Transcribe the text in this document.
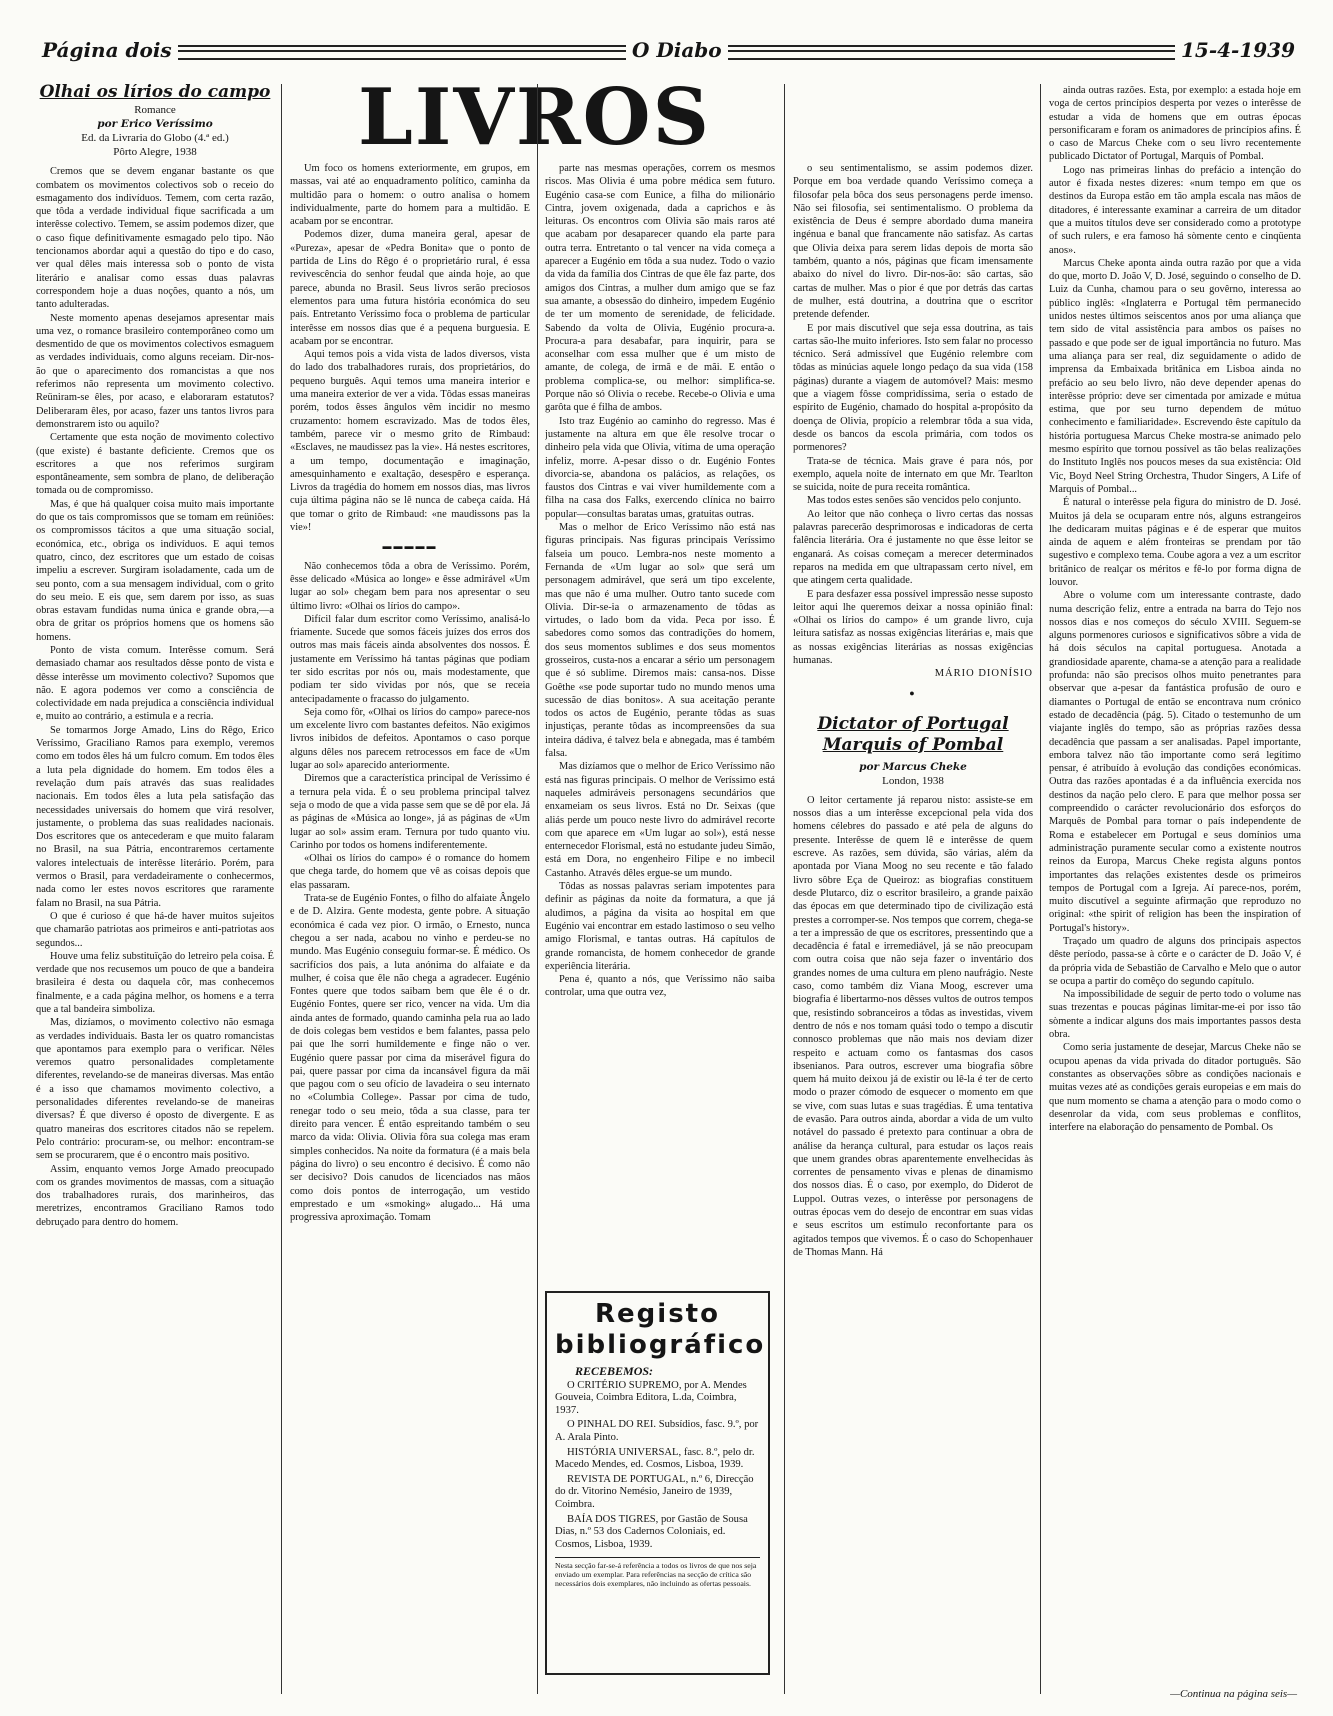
Página dois	O Diabo	15-4-1939
LIVROS
Olhai os lírios do campo

Romance

por Erico Veríssimo

Ed. da Livraria do Globo (4.ª ed.)

Pôrto Alegre, 1938

Cremos que se devem enganar bastante os que combatem os movimentos colectivos sob o receio do esmagamento dos indivíduos. Temem, com certa razão, que tôda a verdade individual fique sacrificada a um interêsse colectivo. Temem, se assim podemos dizer, que o caso fique definitivamente esmagado pelo tipo. Não tencionamos abordar aqui a questão do tipo e do caso, ver qual dêles mais interessa sob o ponto de vista literário e analisar como essas duas palavras correspondem hoje a duas noções, quanto a nós, um tanto adulteradas.

Neste momento apenas desejamos apresentar mais uma vez, o romance brasileiro contemporâneo como um desmentido de que os movimentos colectivos esmaguem as verdades individuais, como alguns receiam. Dir-nos-ão que o aparecimento dos romancistas a que nos referimos não representa um movimento colectivo. Reüniram-se êles, por acaso, e elaboraram estatutos? Deliberaram êles, por acaso, fazer uns tantos livros para demonstrarem isto ou aquilo?

Certamente que esta noção de movimento colectivo (que existe) é bastante deficiente. Cremos que os escritores a que nos referimos surgiram espontâneamente, sem sombra de plano, de deliberação tomada ou de compromisso.

Mas, é que há qualquer coisa muito mais importante do que os tais compromissos que se tomam em reüniões: os compromissos tácitos a que uma situação social, económica, etc., obriga os indivíduos. E aqui temos quatro, cinco, dez escritores que um estado de coisas impeliu a escrever. Surgiram isoladamente, cada um de seu ponto, com a sua mensagem individual, com o grito do seu meio. E eis que, sem darem por isso, as suas obras estavam fundidas numa única e grande obra,—a obra de gritar os próprios homens que os homens são homens.

Ponto de vista comum. Interêsse comum. Será demasiado chamar aos resultados dêsse ponto de vista e dêsse interêsse um movimento colectivo? Supomos que não. E agora podemos ver como a consciência de colectividade em nada prejudica a consciência individual e, muito ao contrário, a estimula e a recria.

Se tomarmos Jorge Amado, Lins do Rêgo, Erico Veríssimo, Graciliano Ramos para exemplo, veremos como em todos êles há um fulcro comum. Em todos êles a luta pela dignidade do homem. Em todos êles a revelação dum país através das suas realidades nacionais. Em todos êles a luta pela satisfação das necessidades universais do homem que virá resolver, justamente, o problema das suas realidades nacionais. Dos escritores que os antecederam e que muito falaram no Brasil, na sua Pátria, encontraremos certamente valores intelectuais de interêsse literário. Porém, para vermos o Brasil, para verdadeiramente o conhecermos, nada como ler estes novos escritores que raramente falam no Brasil, na sua Pátria.

O que é curioso é que há-de haver muitos sujeitos que chamarão patriotas aos primeiros e anti-patriotas aos segundos...

Houve uma feliz substituïção do letreiro pela coisa. É verdade que nos recusemos um pouco de que a bandeira brasileira é desta ou daquela côr, mas conhecemos finalmente, e a cada página melhor, os homens e a terra que a tal bandeira simboliza.

Mas, dizíamos, o movimento colectivo não esmaga as verdades individuais. Basta ler os quatro romancistas que apontamos para exemplo para o verificar. Nêles veremos quatro personalidades completamente diferentes, revelando-se de maneiras diversas. Mas então é a isso que chamamos movimento colectivo, a personalidades diferentes revelando-se de maneiras diversas? É que diverso é oposto de divergente. E as quatro maneiras dos escritores citados não se repelem. Pelo contrário: procuram-se, ou melhor: encontram-se sem se procurarem, que é o encontro mais positivo.

Assim, enquanto vemos Jorge Amado preocupado com os grandes movimentos de massas, com a situação dos trabalhadores rurais, dos marinheiros, das meretrizes, encontramos Graciliano Ramos todo debruçado para dentro do homem.

Um foco os homens exteriormente, em grupos, em massas, vai até ao enquadramento político, caminha da multidão para o homem: o outro analisa o homem individualmente, parte do homem para a multidão. E acabam por se encontrar.

Podemos dizer, duma maneira geral, apesar de «Pureza», apesar de «Pedra Bonita» que o ponto de partida de Lins do Rêgo é o proprietário rural, é essa revivescência do senhor feudal que ainda hoje, ao que parece, abunda no Brasil. Seus livros serão preciosos elementos para uma futura história económica do seu país. Entretanto Veríssimo foca o problema de particular interêsse em nossos dias que é a pequena burguesia. E acabam por se encontrar.

Aqui temos pois a vida vista de lados diversos, vista do lado dos trabalhadores rurais, dos proprietários, do pequeno burguês. Aqui temos uma maneira interior e uma maneira exterior de ver a vida. Tôdas essas maneiras porém, todos êsses ângulos vêm incidir no mesmo cruzamento: homem escravizado. Mas de todos êles, também, parece vir o mesmo grito de Rimbaud: «Esclaves, ne maudissez pas la vie». Há nestes escritores, a um tempo, documentação e imaginação, amesquinhamento e exaltação, desespêro e esperança. Livros da tragédia do homem em nossos dias, mas livros cuja última página não se lê nunca de cabeça caída. Há que tomar o grito de Rimbaud: «ne maudissons pas la vie»!

▬▬▬▬▬

Não conhecemos tôda a obra de Veríssimo. Porém, êsse delicado «Música ao longe» e êsse admirável «Um lugar ao sol» chegam bem para nos apresentar o seu último livro: «Olhai os lírios do campo».

Difícil falar dum escritor como Veríssimo, analisá-lo friamente. Sucede que somos fáceis juízes dos erros dos outros mas mais fáceis ainda absolventes dos nossos. É justamente em Veríssimo há tantas páginas que podiam ter sido escritas por nós ou, mais modestamente, que podiam ter sido vividas por nós, que se receia antecipadamente o fracasso do julgamento.

Seja como fôr, «Olhai os lírios do campo» parece-nos um excelente livro com bastantes defeitos. Não exigimos livros inibidos de defeitos. Apontamos o caso porque alguns dêles nos parecem retrocessos em face de «Um lugar ao sol» aparecido anteriormente.

Diremos que a característica principal de Veríssimo é a ternura pela vida. É o seu problema principal talvez seja o modo de que a vida passe sem que se dê por ela. Já as páginas de «Música ao longe», já as páginas de «Um lugar ao sol» assim eram. Ternura por tudo quanto viu. Carinho por todos os homens indiferentemente.

«Olhai os lírios do campo» é o romance do homem que chega tarde, do homem que vê as coisas depois que elas passaram.

Trata-se de Eugénio Fontes, o filho do alfaiate Ângelo e de D. Alzira. Gente modesta, gente pobre. A situação económica é cada vez pior. O irmão, o Ernesto, nunca chegou a ser nada, acabou no vinho e perdeu-se no mundo. Mas Eugénio conseguiu formar-se. É médico. Os sacrifícios dos pais, a luta anónima do alfaiate e da mulher, é coisa que êle não chega a agradecer. Eugénio Fontes quere que todos saibam bem que êle é o dr. Eugénio Fontes, quere ser rico, vencer na vida. Um dia ainda antes de formado, quando caminha pela rua ao lado de dois colegas bem vestidos e bem falantes, passa pelo pai que lhe sorri humildemente e finge não o ver. Eugénio quere passar por cima da miserável figura do pai, quere passar por cima da incansável figura da mãi que pagou com o seu ofício de lavadeira o seu internato no «Columbia College». Passar por cima de tudo, renegar todo o seu meio, tôda a sua classe, para ter direito para vencer. É então espreitando também o seu marco da vida: Olivia. Olivia fôra sua colega mas eram simples conhecidos. Na noite da formatura (é a mais bela página do livro) o seu encontro é decisivo. É como não ser decisivo? Dois canudos de licenciados nas mãos como dois pontos de interrogação, um vestido emprestado e um «smoking» alugado... Há uma progressiva aproximação. Tomam

parte nas mesmas operações, correm os mesmos riscos. Mas Olivia é uma pobre médica sem futuro. Eugénio casa-se com Eunice, a filha do milionário Cintra, jovem oxigenada, dada a caprichos e às leituras. Os encontros com Olivia são mais raros até que acabam por desaparecer quando ela parte para outra terra. Entretanto o tal vencer na vida começa a aparecer a Eugénio em tôda a sua nudez. Todo o vazio da vida da família dos Cintras de que êle faz parte, dos amigos dos Cintras, a mulher dum amigo que se faz sua amante, a obsessão do dinheiro, impedem Eugénio de ter um momento de serenidade, de felicidade. Sabendo da volta de Olivia, Eugénio procura-a. Procura-a para desabafar, para inquirir, para se aconselhar com essa mulher que é um misto de amante, de colega, de irmã e de mãi. E então o problema complica-se, ou melhor: simplifica-se. Porque não só Olivia o recebe. Recebe-o Olivia e uma garôta que é filha de ambos.

Isto traz Eugénio ao caminho do regresso. Mas é justamente na altura em que êle resolve trocar o dinheiro pela vida que Olivia, vítima de uma operação infeliz, morre. A-pesar disso o dr. Eugénio Fontes divorcia-se, abandona os palácios, as relações, os faustos dos Cintras e vai viver humildemente com a filha na casa dos Falks, exercendo clínica no bairro popular—consultas baratas umas, gratuitas outras.

Mas o melhor de Erico Veríssimo não está nas figuras principais. Nas figuras principais Veríssimo falseia um pouco. Lembra-nos neste momento a Fernanda de «Um lugar ao sol» que será um personagem admirável, que será um tipo excelente, mas que não é uma mulher. Outro tanto sucede com Olivia. Dir-se-ia o armazenamento de tôdas as virtudes, o lado bom da vida. Peca por isso. É sabedores como somos das contradições do homem, dos seus momentos sublimes e dos seus momentos grosseiros, custa-nos a encarar a sério um personagem que é só sublime. Diremos mais: cansa-nos. Disse Goêthe «se pode suportar tudo no mundo menos uma sucessão de dias bonitos». A sua aceitação perante todos os actos de Eugénio, perante tôdas as suas injustiças, perante tôdas as incompreensões da sua inteira dádiva, é talvez bela e abnegada, mas é também falsa.

Mas dizíamos que o melhor de Erico Veríssimo não está nas figuras principais. O melhor de Veríssimo está naqueles admiráveis personagens secundários que enxameiam os seus livros. Está no Dr. Seixas (que aliás perde um pouco neste livro do admirável recorte com que aparece em «Um lugar ao sol»), está nesse enternecedor Florismal, está no estudante judeu Simão, está em Dora, no engenheiro Filipe e no imbecil Castanho. Através dêles ergue-se um mundo.

Tôdas as nossas palavras seriam impotentes para definir as páginas da noite da formatura, a que já aludimos, a página da visita ao hospital em que Eugénio vai encontrar em estado lastimoso o seu velho amigo Florismal, e tantas outras. Há capítulos de grande romancista, de homem conhecedor de grande experiência literária.

Pena é, quanto a nós, que Veríssimo não saiba controlar, uma que outra vez,

o seu sentimentalismo, se assim podemos dizer. Porque em boa verdade quando Veríssimo começa a filosofar pela bôca dos seus personagens perde imenso. Não sei filosofia, sei sentimentalismo. O problema da existência de Deus é sempre abordado duma maneira ingénua e banal que francamente não satisfaz. As cartas que Olivia deixa para serem lidas depois de morta são também, quanto a nós, páginas que ficam imensamente abaixo do nível do livro. Dir-nos-ão: são cartas, são cartas de mulher. Mas o pior é que por detrás das cartas de mulher, está doutrina, a doutrina que o escritor pretende defender.

E por mais discutível que seja essa doutrina, as tais cartas são-lhe muito inferiores. Isto sem falar no processo técnico. Será admissível que Eugénio relembre com tôdas as minúcias aquele longo pedaço da sua vida (158 páginas) durante a viagem de automóvel? Mais: mesmo que a viagem fôsse comprìdíssima, seria o estado de espírito de Eugénio, chamado do hospital a-propósito da doença de Olivia, propício a relembrar tôda a sua vida, desde os bancos da escola primária, com todos os pormenores?

Trata-se de técnica. Mais grave é para nós, por exemplo, aquela noite de internato em que Mr. Tearlton se suicida, noite de pura receita romântica.

Mas todos estes senões são vencidos pelo conjunto.

Ao leitor que não conheça o livro certas das nossas palavras parecerão desprimorosas e indicadoras de certa falência literária. Ora é justamente no que êsse leitor se enganará. As coisas começam a merecer determinados reparos na medida em que ultrapassam certo nível, em que atingem certa qualidade.

E para desfazer essa possível impressão nesse suposto leitor aqui lhe queremos deixar a nossa opinião final: «Olhai os lírios do campo» é um grande livro, cuja leitura satisfaz as nossas exigências literárias e, mais que as nossas exigências literárias as nossas exigências humanas.

MÁRIO DIONÍSIO
●
Dictator of Portugal
Marquis of Pombal

por Marcus Cheke

London, 1938

O leitor certamente já reparou nisto: assiste-se em nossos dias a um interêsse excepcional pela vida dos homens célebres do passado e até pela de alguns do presente. Interêsse de quem lê e interêsse de quem escreve. As razões, sem dúvida, são várias, além da apontada por Viana Moog no seu recente e tão falado livro sôbre Eça de Queiroz: as biografias constituem desde Plutarco, diz o escritor brasileiro, a grande paixão das épocas em que determinado tipo de civilização está prestes a corromper-se. Nos tempos que correm, chega-se a ter a impressão de que os escritores, pressentindo que a decadência é fatal e irremediável, já se não preocupam com outra coisa que não seja fazer o inventário dos grandes nomes de uma cultura em pleno naufrágio. Neste caso, como também diz Viana Moog, escrever uma biografia é libertarmo-nos dêsses vultos de outros tempos que, resistindo sobranceiros a tôdas as investidas, vivem dentro de nós e nos tomam quási todo o tempo a discutir connosco problemas que não mais nos deviam dizer respeito e actuam como os fantasmas dos casos ibsenianos. Para outros, escrever uma biografia sôbre quem há muito deixou já de existir ou lê-la é ter de certo modo o prazer cómodo de esquecer o momento em que se vive, com suas lutas e suas tragédias. É uma tentativa de evasão. Para outros ainda, abordar a vida de um vulto notável do passado é pretexto para continuar a obra de análise da herança cultural, para estudar os laços reais que unem grandes obras aparentemente envelhecidas às correntes de pensamento vivas e plenas de dinamismo dos nossos dias. É o caso, por exemplo, do Diderot de Luppol. Outras vezes, o interêsse por personagens de outras épocas vem do desejo de encontrar em suas vidas e seus escritos um estímulo reconfortante para os agitados tempos que vivemos. É o caso do Schopenhauer de Thomas Mann. Há

ainda outras razões. Esta, por exemplo: a estada hoje em voga de certos princípios desperta por vezes o interêsse de estudar a vida de homens que em outras épocas personificaram e foram os animadores de princípios afins. É o caso de Marcus Cheke com o seu livro recentemente publicado Dictator of Portugal, Marquis of Pombal.

Logo nas primeiras linhas do prefácio a intenção do autor é fixada nestes dizeres: «num tempo em que os destinos da Europa estão em tão ampla escala nas mãos de ditadores, é interessante examinar a carreira de um ditador que a muitos títulos deve ser considerado como a prototype of such rulers, e era famoso há sòmente cento e cinqüenta anos».

Marcus Cheke aponta ainda outra razão por que a vida do que, morto D. João V, D. José, seguindo o conselho de D. Luiz da Cunha, chamou para o seu govêrno, interessa ao público inglês: «Inglaterra e Portugal têm permanecido unidos nestes últimos seiscentos anos por uma aliança que tem sido de vital assistência para ambos os países no passado e que pode ser de igual importância no futuro. Mas uma aliança para ser real, diz seguidamente o adido de imprensa da Embaixada britânica em Lisboa ainda no prefácio ao seu belo livro, não deve depender apenas do interêsse próprio: deve ser cimentada por amizade e mútua estima, que por seu turno dependem de mútuo conhecimento e familiaridade». Escrevendo êste capítulo da história portuguesa Marcus Cheke mostra-se animado pelo mesmo espírito que tornou possível as tão belas realizações do Instituto Inglês nos poucos meses da sua existência: Old Vic, Boyd Neel String Orchestra, Thudor Singers, A Life of Marquis of Pombal...

É natural o interêsse pela figura do ministro de D. José. Muitos já dela se ocuparam entre nós, alguns estrangeiros lhe dedicaram muitas páginas e é de esperar que muitos ainda de aquem e além fronteiras se prendam por tão sugestivo e complexo tema. Coube agora a vez a um escritor britânico de realçar os méritos e fê-lo por forma digna de louvor.

Abre o volume com um interessante contraste, dado numa descrição feliz, entre a entrada na barra do Tejo nos nossos dias e nos começos do século XVIII. Seguem-se alguns pormenores curiosos e significativos sôbre a vida de há dois séculos na capital portuguesa. Anotada a grandiosidade aparente, chama-se a atenção para a realidade profunda: não são precisos olhos muito penetrantes para observar que a-pesar da fantástica profusão de ouro e diamantes o Portugal de então se encontrava num crónico estado de decadência (pág. 5). Citado o testemunho de um viajante inglês do tempo, são as próprias razões dessa decadência que passam a ser analisadas. Papel importante, embora talvez não tão importante como será legítimo pensar, é atribuído à evolução das condições económicas. Outra das razões apontadas é a da influência exercida nos destinos da nação pelo clero. E para que melhor possa ser compreendido o carácter revolucionário dos esforços do Marquês de Pombal para tornar o país independente de Roma e estabelecer em Portugal e seus domínios uma administração puramente secular como a existente noutros reinos da Europa, Marcus Cheke regista alguns pontos importantes das relações existentes desde os primeiros tempos de Portugal com a Igreja. Aí parece-nos, porém, muito discutível a seguinte afirmação que reproduzo no original: «the spirit of religion has been the inspiration of Portugal's history».

Traçado um quadro de alguns dos principais aspectos dêste período, passa-se à côrte e o carácter de D. João V, é da própria vida de Sebastião de Carvalho e Melo que o autor se ocupa a partir do comêço do segundo capítulo.

Na impossibilidade de seguir de perto todo o volume nas suas trezentas e poucas páginas limitar-me-ei por isso tão sòmente a indicar alguns dos mais importantes passos desta obra.

Como seria justamente de desejar, Marcus Cheke não se ocupou apenas da vida privada do ditador português. São constantes as observações sôbre as condições nacionais e muitas vezes até as condições gerais europeias e em mais do que num momento se chama a atenção para o modo como o desenrolar da vida, com seus problemas e conflitos, interfere na elaboração do pensamento de Pombal. Os

—Continua na página seis—
Registo
bibliográfico
RECEBEMOS:
O CRITÉRIO SUPREMO, por A. Mendes Gouveia, Coimbra Editora, L.da, Coimbra, 1937.
O PINHAL DO REI. Subsídios, fasc. 9.º, por A. Arala Pinto.
HISTÓRIA UNIVERSAL, fasc. 8.º, pelo dr. Macedo Mendes, ed. Cosmos, Lisboa, 1939.
REVISTA DE PORTUGAL, n.º 6, Direcção do dr. Vitorino Nemésio, Janeiro de 1939, Coimbra.
BAÍA DOS TIGRES, por Gastão de Sousa Dias, n.º 53 dos Cadernos Coloniais, ed. Cosmos, Lisboa, 1939.
Nesta secção far-se-á referência a todos os livros de que nos seja enviado um exemplar. Para referências na secção de crítica são necessários dois exemplares, não incluindo as ofertas pessoais.
